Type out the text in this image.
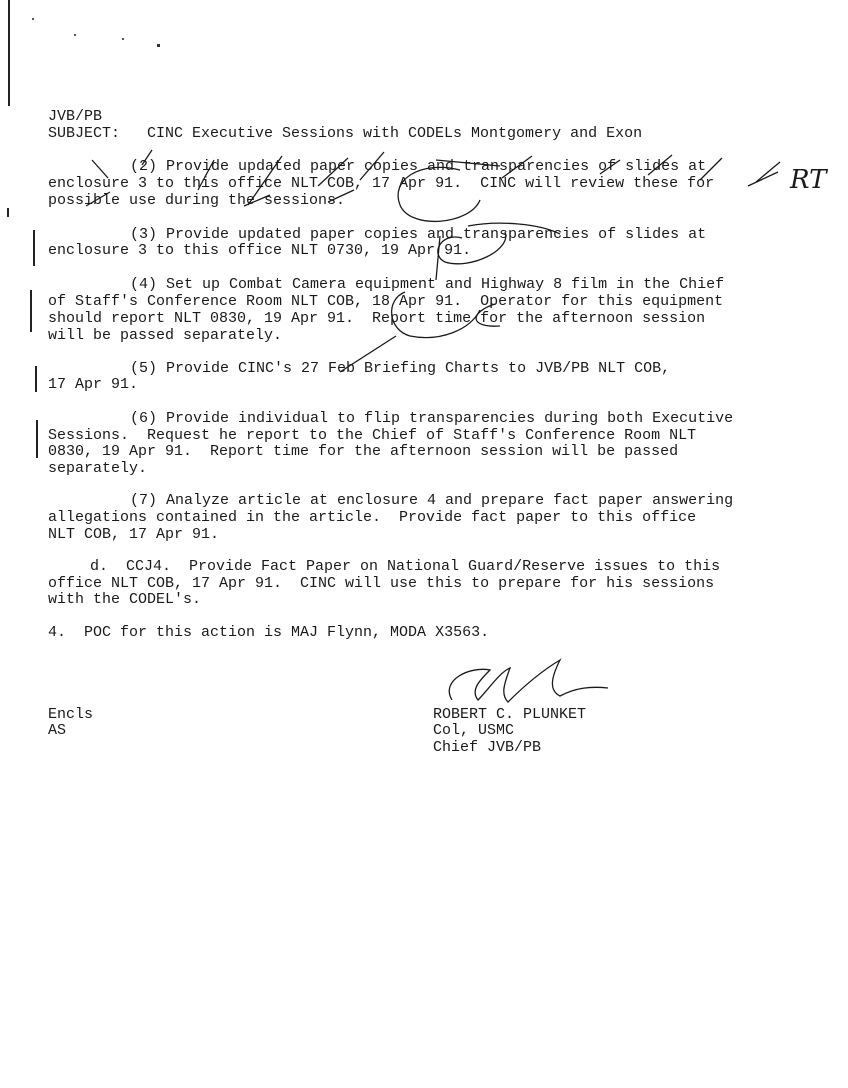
JVB/PB
SUBJECT: CINC Executive Sessions with CODELs Montgomery and Exon
(2) Provide updated paper copies and transparencies of slides at
enclosure 3 to this office NLT COB, 17 Apr 91.  CINC will review these for
possible use during the sessions.
(3) Provide updated paper copies and transparencies of slides at
enclosure 3 to this office NLT 0730, 19 Apr 91.
(4) Set up Combat Camera equipment and Highway 8 film in the Chief
of Staff's Conference Room NLT COB, 18 Apr 91.  Operator for this equipment
should report NLT 0830, 19 Apr 91.  Report time for the afternoon session
will be passed separately.
(5) Provide CINC's 27 Feb Briefing Charts to JVB/PB NLT COB,
17 Apr 91.
(6) Provide individual to flip transparencies during both Executive
Sessions.  Request he report to the Chief of Staff's Conference Room NLT
0830, 19 Apr 91.  Report time for the afternoon session will be passed
separately.
(7) Analyze article at enclosure 4 and prepare fact paper answering
allegations contained in the article.  Provide fact paper to this office
NLT COB, 17 Apr 91.
d.  CCJ4.  Provide Fact Paper on National Guard/Reserve issues to this
office NLT COB, 17 Apr 91.  CINC will use this to prepare for his sessions
with the CODEL's.
4.  POC for this action is MAJ Flynn, MODA X3563.
Encls
AS
ROBERT C. PLUNKET
Col, USMC
Chief JVB/PB
RT
